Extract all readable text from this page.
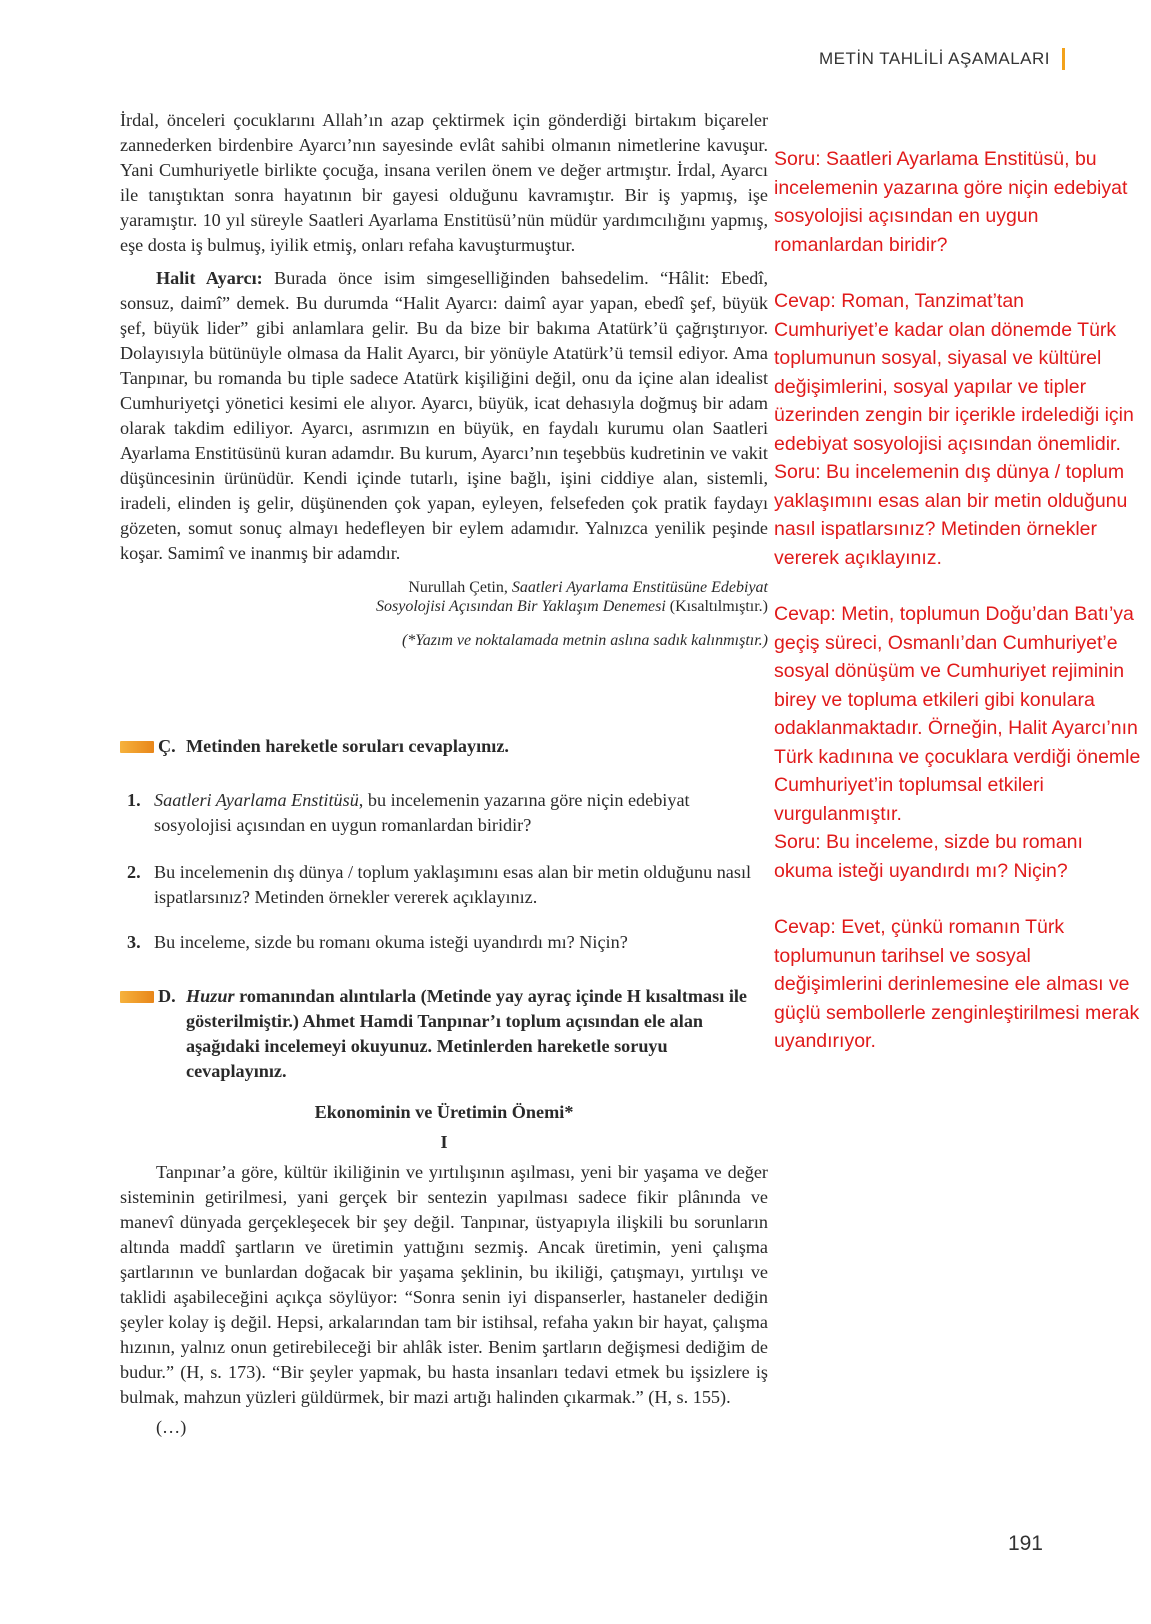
METİN TAHLİLİ AŞAMALARI

İrdal, önceleri çocuklarını Allah’ın azap çektirmek için gönderdiği birtakım biçareler zannederken birdenbire Ayarcı’nın sayesinde evlât sahibi olmanın nimetlerine kavuşur. Yani Cumhuriyetle birlikte çocuğa, insana verilen önem ve değer artmıştır. İrdal, Ayarcı ile tanıştıktan sonra hayatının bir gayesi olduğunu kavramıştır. Bir iş yapmış, işe yaramıştır. 10 yıl süreyle Saatleri Ayarlama Enstitüsü’nün müdür yardımcılığını yapmış, eşe dosta iş bulmuş, iyilik etmiş, onları refaha kavuşturmuştur.

Halit Ayarcı: Burada önce isim simgeselliğinden bahsedelim. “Hâlit: Ebedî, sonsuz, daimî” demek. Bu durumda “Halit Ayarcı: daimî ayar yapan, ebedî şef, büyük şef, büyük lider” gibi anlamlara gelir. Bu da bize bir bakıma Atatürk’ü çağrıştırıyor. Dolayısıyla bütünüyle olmasa da Halit Ayarcı, bir yönüyle Atatürk’ü temsil ediyor. Ama Tanpınar, bu romanda bu tiple sadece Atatürk kişiliğini değil, onu da içine alan idealist Cumhuriyetçi yönetici kesimi ele alıyor. Ayarcı, büyük, icat dehasıyla doğmuş bir adam olarak takdim ediliyor. Ayarcı, asrımızın en büyük, en faydalı kurumu olan Saatleri Ayarlama Enstitüsünü kuran adamdır. Bu kurum, Ayarcı’nın teşebbüs kudretinin ve vakit düşüncesinin ürünüdür. Kendi içinde tutarlı, işine bağlı, işini ciddiye alan, sistemli, iradeli, elinden iş gelir, düşünenden çok yapan, eyleyen, felsefeden çok pratik faydayı gözeten, somut sonuç almayı hedefleyen bir eylem adamıdır. Yalnızca yenilik peşinde koşar. Samimî ve inanmış bir adamdır.

Nurullah Çetin, Saatleri Ayarlama Enstitüsüne Edebiyat
Sosyolojisi Açısından Bir Yaklaşım Denemesi (Kısaltılmıştır.)

(*Yazım ve noktalamada metnin aslına sadık kalınmıştır.)

Ç. Metinden hareketle soruları cevaplayınız.
1. Saatleri Ayarlama Enstitüsü, bu incelemenin yazarına göre niçin edebiyat sosyolojisi açısından en uygun romanlardan biridir?
2. Bu incelemenin dış dünya / toplum yaklaşımını esas alan bir metin olduğunu nasıl ispatlarsınız? Metinden örnekler vererek açıklayınız.
3. Bu inceleme, sizde bu romanı okuma isteği uyandırdı mı? Niçin?
D. Huzur romanından alıntılarla (Metinde yay ayraç içinde H kısaltması ile gösterilmiştir.) Ahmet Hamdi Tanpınar’ı toplum açısından ele alan aşağıdaki incelemeyi okuyunuz. Metinlerden hareketle soruyu cevaplayınız.

Ekonominin ve Üretimin Önemi*

I

Tanpınar’a göre, kültür ikiliğinin ve yırtılışının aşılması, yeni bir yaşama ve değer sisteminin getirilmesi, yani gerçek bir sentezin yapılması sadece fikir plânında ve manevî dünyada gerçekleşecek bir şey değil. Tanpınar, üstyapıyla ilişkili bu sorunların altında maddî şartların ve üretimin yattığını sezmiş. Ancak üretimin, yeni çalışma şartlarının ve bunlardan doğacak bir yaşama şeklinin, bu ikiliği, çatışmayı, yırtılışı ve taklidi aşabileceğini açıkça söylüyor: “Sonra senin iyi dispanserler, hastaneler dediğin şeyler kolay iş değil. Hepsi, arkalarından tam bir istihsal, refaha yakın bir hayat, çalışma hızının, yalnız onun getirebileceği bir ahlâk ister. Benim şartların değişmesi dediğim de budur.” (H, s. 173). “Bir şeyler yapmak, bu hasta insanları tedavi etmek bu işsizlere iş bulmak, mahzun yüzleri güldürmek, bir mazi artığı halinden çıkarmak.” (H, s. 155).

(…)

Soru: Saatleri Ayarlama Enstitüsü, bu incelemenin yazarına göre niçin edebiyat sosyolojisi açısından en uygun romanlardan biridir?

Cevap: Roman, Tanzimat’tan Cumhuriyet’e kadar olan dönemde Türk toplumunun sosyal, siyasal ve kültürel değişimlerini, sosyal yapılar ve tipler üzerinden zengin bir içerikle irdelediği için edebiyat sosyolojisi açısından önemlidir.

Soru: Bu incelemenin dış dünya / toplum yaklaşımını esas alan bir metin olduğunu nasıl ispatlarsınız? Metinden örnekler vererek açıklayınız.

Cevap: Metin, toplumun Doğu’dan Batı’ya geçiş süreci, Osmanlı’dan Cumhuriyet’e sosyal dönüşüm ve Cumhuriyet rejiminin birey ve topluma etkileri gibi konulara odaklanmaktadır. Örneğin, Halit Ayarcı’nın Türk kadınına ve çocuklara verdiği önemle Cumhuriyet’in toplumsal etkileri vurgulanmıştır.

Soru: Bu inceleme, sizde bu romanı okuma isteği uyandırdı mı? Niçin?

Cevap: Evet, çünkü romanın Türk toplumunun tarihsel ve sosyal değişimlerini derinlemesine ele alması ve güçlü sembollerle zenginleştirilmesi merak uyandırıyor.

191
